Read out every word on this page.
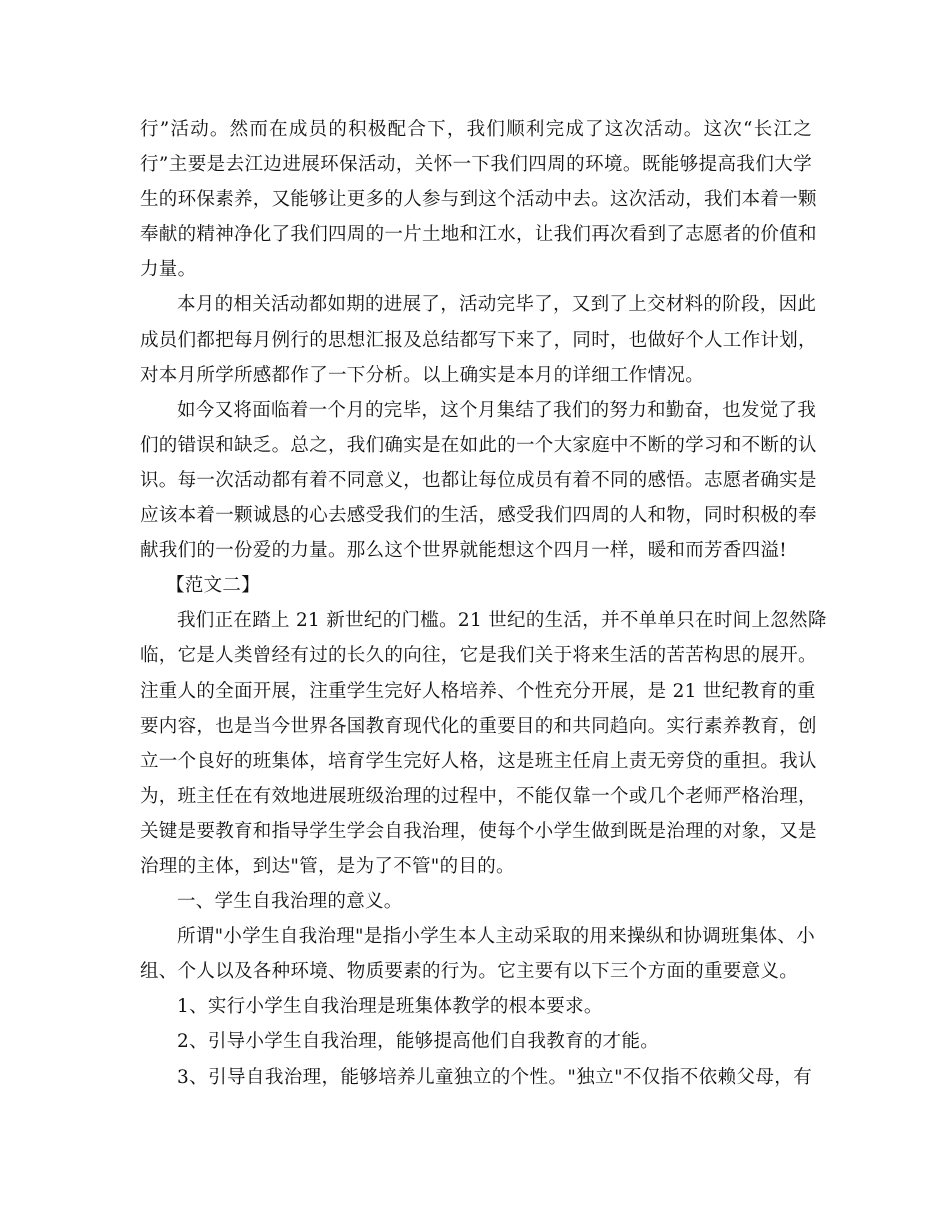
行”活动。然而在成员的积极配合下，我们顺利完成了这次活动。这次“长江之
行”主要是去江边进展环保活动，关怀一下我们四周的环境。既能够提高我们大学
生的环保素养，又能够让更多的人参与到这个活动中去。这次活动，我们本着一颗
奉献的精神净化了我们四周的一片土地和江水，让我们再次看到了志愿者的价值和
力量。
本月的相关活动都如期的进展了，活动完毕了，又到了上交材料的阶段，因此
成员们都把每月例行的思想汇报及总结都写下来了，同时，也做好个人工作计划，
对本月所学所感都作了一下分析。以上确实是本月的详细工作情况。
如今又将面临着一个月的完毕，这个月集结了我们的努力和勤奋，也发觉了我
们的错误和缺乏。总之，我们确实是在如此的一个大家庭中不断的学习和不断的认
识。每一次活动都有着不同意义，也都让每位成员有着不同的感悟。志愿者确实是
应该本着一颗诚恳的心去感受我们的生活，感受我们四周的人和物，同时积极的奉
献我们的一份爱的力量。那么这个世界就能想这个四月一样，暖和而芳香四溢!
【范文二】
我们正在踏上 21 新世纪的门槛。21 世纪的生活，并不单单只在时间上忽然降
临，它是人类曾经有过的长久的向往，它是我们关于将来生活的苦苦构思的展开。
注重人的全面开展，注重学生完好人格培养、个性充分开展，是 21 世纪教育的重
要内容，也是当今世界各国教育现代化的重要目的和共同趋向。实行素养教育，创
立一个良好的班集体，培育学生完好人格，这是班主任肩上责无旁贷的重担。我认
为，班主任在有效地进展班级治理的过程中，不能仅靠一个或几个老师严格治理，
关键是要教育和指导学生学会自我治理，使每个小学生做到既是治理的对象，又是
治理的主体，到达"管，是为了不管"的目的。
一、学生自我治理的意义。
所谓"小学生自我治理"是指小学生本人主动采取的用来操纵和协调班集体、小
组、个人以及各种环境、物质要素的行为。它主要有以下三个方面的重要意义。
1、实行小学生自我治理是班集体教学的根本要求。
2、引导小学生自我治理，能够提高他们自我教育的才能。
3、引导自我治理，能够培养儿童独立的个性。"独立"不仅指不依赖父母，有
